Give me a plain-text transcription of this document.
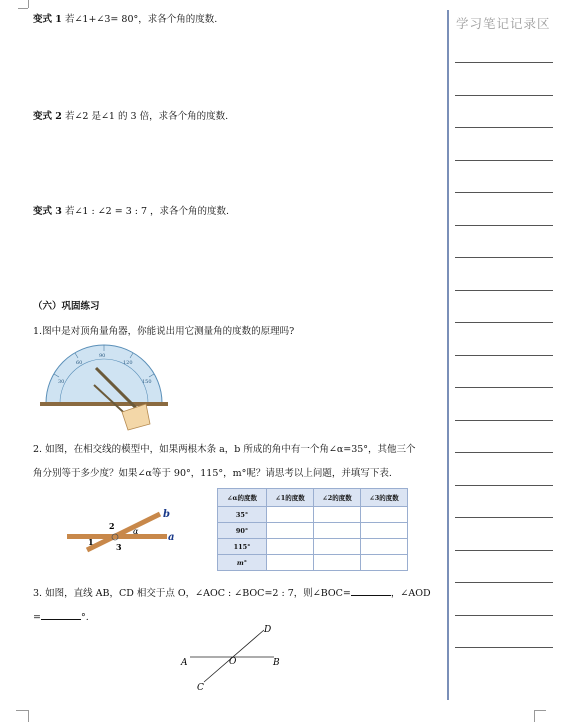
学习笔记记录区
变式 1 若∠1+∠3= 80°，求各个角的度数.
变式 2 若∠2 是∠1 的 3 倍，求各个角的度数.
变式 3 若∠1 : ∠2 = 3 : 7 ，求各个角的度数.
（六）巩固练习
1.图中是对顶角量角器，你能说出用它测量角的度数的原理吗?
90
60	120
30	150
2. 如图，在相交线的模型中，如果两根木条 a，b 所成的角中有一个角∠α=35°，其他三个
角分别等于多少度？如果∠α等于 90°，115°，m°呢？请思考以上问题，并填写下表.
b
a
1
2
3
α
∠α的度数	∠1的度数	∠2的度数	∠3的度数
35°			
90°			
115°			
m°			
3. 如图，直线 AB，CD 相交于点 O，∠AOC : ∠BOC=2 : 7，则∠BOC=	，∠AOD
=	°.
A	B
C
D
O
